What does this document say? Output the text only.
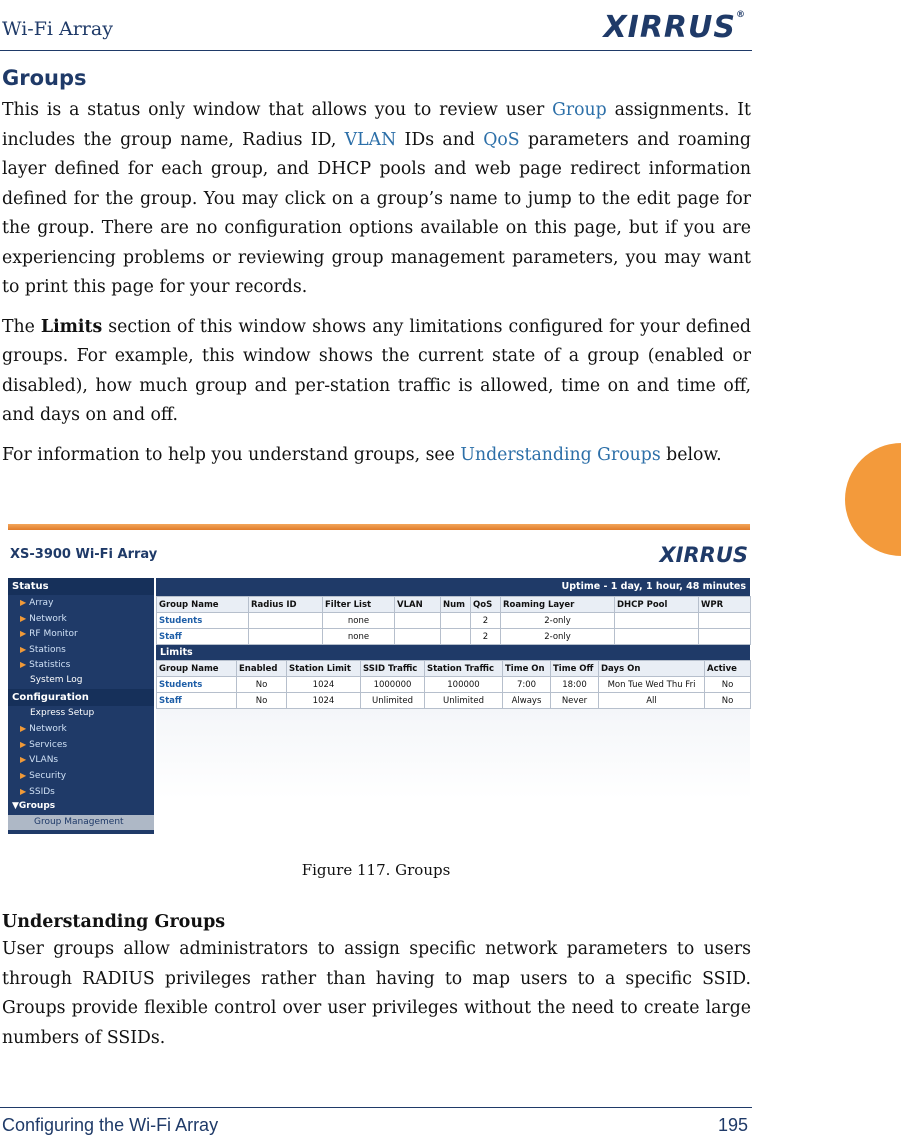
Wi-Fi Array	XIRRUS®
Groups

This is a status only window that allows you to review user Group assignments. It includes the group name, Radius ID, VLAN IDs and QoS parameters and roaming layer defined for each group, and DHCP pools and web page redirect information defined for the group. You may click on a group’s name to jump to the edit page for the group. There are no configuration options available on this page, but if you are experiencing problems or reviewing group management parameters, you may want to print this page for your records.

The Limits section of this window shows any limitations configured for your defined groups. For example, this window shows the current state of a group (enabled or disabled), how much group and per-station traffic is allowed, time on and time off, and days on and off.

For information to help you understand groups, see Understanding Groups below.

XS-3900 Wi-Fi Array	XIRRUS
Status
▶ Array
▶ Network
▶ RF Monitor
▶ Stations
▶ Statistics
System Log
Configuration
Express Setup
▶ Network
▶ Services
▶ VLANs
▶ Security
▶ SSIDs
▼Groups
Group Management
Uptime - 1 day, 1 hour, 48 minutes
Group Name	Radius ID	Filter List	VLAN	Num	QoS	Roaming Layer	DHCP Pool	WPR
Students		none			2	2-only		
Staff		none			2	2-only		
Limits
Group Name	Enabled	Station Limit	SSID Traffic	Station Traffic	Time On	Time Off	Days On	Active
Students	No	1024	1000000	100000	7:00	18:00	Mon Tue Wed Thu Fri	No
Staff	No	1024	Unlimited	Unlimited	Always	Never	All	No
Figure 117. Groups
Understanding Groups

User groups allow administrators to assign specific network parameters to users through RADIUS privileges rather than having to map users to a specific SSID. Groups provide flexible control over user privileges without the need to create large numbers of SSIDs.

Configuring the Wi-Fi Array	195
